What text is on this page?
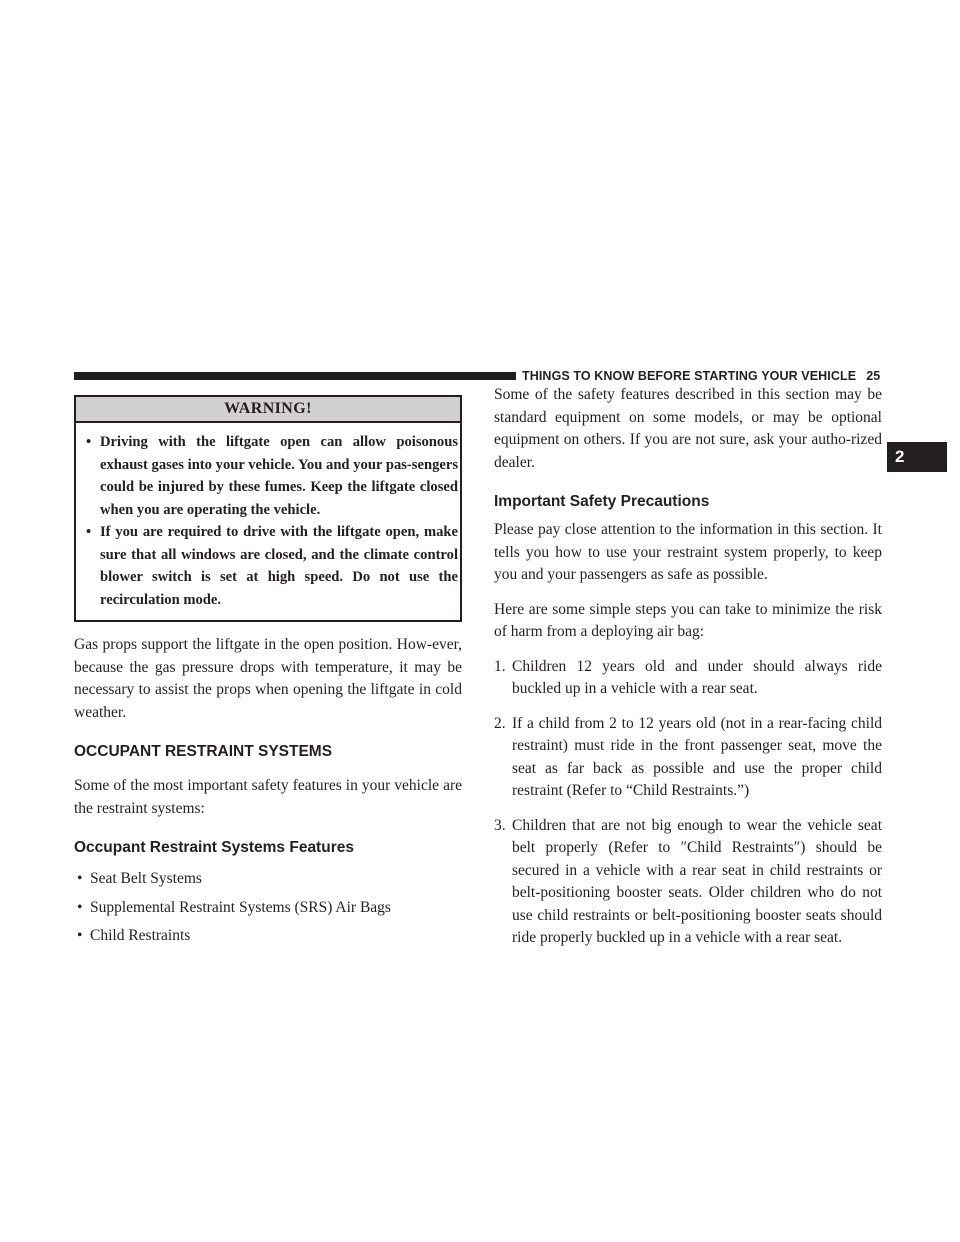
THINGS TO KNOW BEFORE STARTING YOUR VEHICLE 25
2
WARNING!
• Driving with the liftgate open can allow poisonous exhaust gases into your vehicle. You and your pas-sengers could be injured by these fumes. Keep the liftgate closed when you are operating the vehicle.
• If you are required to drive with the liftgate open, make sure that all windows are closed, and the climate control blower switch is set at high speed. Do not use the recirculation mode.

Gas props support the liftgate in the open position. How-ever, because the gas pressure drops with temperature, it may be necessary to assist the props when opening the liftgate in cold weather.

OCCUPANT RESTRAINT SYSTEMS

Some of the most important safety features in your vehicle are the restraint systems:

Occupant Restraint Systems Features
• Seat Belt Systems
• Supplemental Restraint Systems (SRS) Air Bags
• Child Restraints

Some of the safety features described in this section may be standard equipment on some models, or may be optional equipment on others. If you are not sure, ask your autho-rized dealer.

Important Safety Precautions

Please pay close attention to the information in this section. It tells you how to use your restraint system properly, to keep you and your passengers as safe as possible.

Here are some simple steps you can take to minimize the risk of harm from a deploying air bag:

1. Children 12 years old and under should always ride buckled up in a vehicle with a rear seat.
2. If a child from 2 to 12 years old (not in a rear-facing child restraint) must ride in the front passenger seat, move the seat as far back as possible and use the proper child restraint (Refer to “Child Restraints.”)
3. Children that are not big enough to wear the vehicle seat belt properly (Refer to ″Child Restraints″) should be secured in a vehicle with a rear seat in child restraints or belt-positioning booster seats. Older children who do not use child restraints or belt-positioning booster seats should ride properly buckled up in a vehicle with a rear seat.
